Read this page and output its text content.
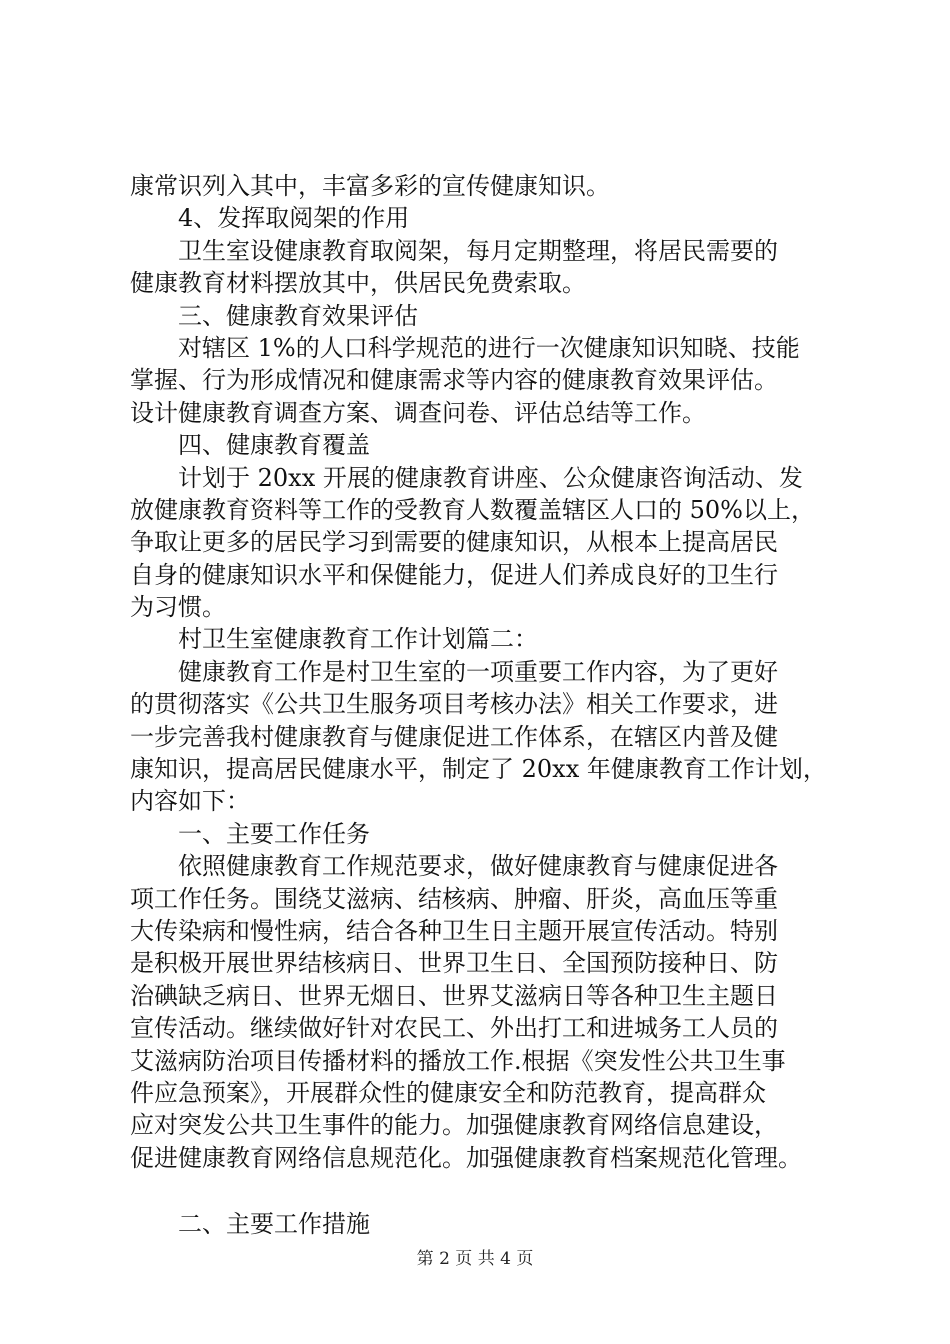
康常识列入其中，丰富多彩的宣传健康知识。
4、发挥取阅架的作用
卫生室设健康教育取阅架，每月定期整理，将居民需要的
健康教育材料摆放其中，供居民免费索取。
三、健康教育效果评估
对辖区 1%的人口科学规范的进行一次健康知识知晓、技能
掌握、行为形成情况和健康需求等内容的健康教育效果评估。
设计健康教育调查方案、调查问卷、评估总结等工作。
四、健康教育覆盖
计划于 20xx 开展的健康教育讲座、公众健康咨询活动、发
放健康教育资料等工作的受教育人数覆盖辖区人口的 50%以上，
争取让更多的居民学习到需要的健康知识，从根本上提高居民
自身的健康知识水平和保健能力，促进人们养成良好的卫生行
为习惯。
村卫生室健康教育工作计划篇二：
健康教育工作是村卫生室的一项重要工作内容，为了更好
的贯彻落实《公共卫生服务项目考核办法》相关工作要求，进
一步完善我村健康教育与健康促进工作体系，在辖区内普及健
康知识，提高居民健康水平，制定了 20xx 年健康教育工作计划，
内容如下：
一、主要工作任务
依照健康教育工作规范要求，做好健康教育与健康促进各
项工作任务。围绕艾滋病、结核病、肿瘤、肝炎，高血压等重
大传染病和慢性病，结合各种卫生日主题开展宣传活动。特别
是积极开展世界结核病日、世界卫生日、全国预防接种日、防
治碘缺乏病日、世界无烟日、世界艾滋病日等各种卫生主题日
宣传活动。继续做好针对农民工、外出打工和进城务工人员的
艾滋病防治项目传播材料的播放工作.根据《突发性公共卫生事
件应急预案》，开展群众性的健康安全和防范教育，提高群众
应对突发公共卫生事件的能力。加强健康教育网络信息建设，
促进健康教育网络信息规范化。加强健康教育档案规范化管理。
二、主要工作措施
第 2 页 共 4 页
